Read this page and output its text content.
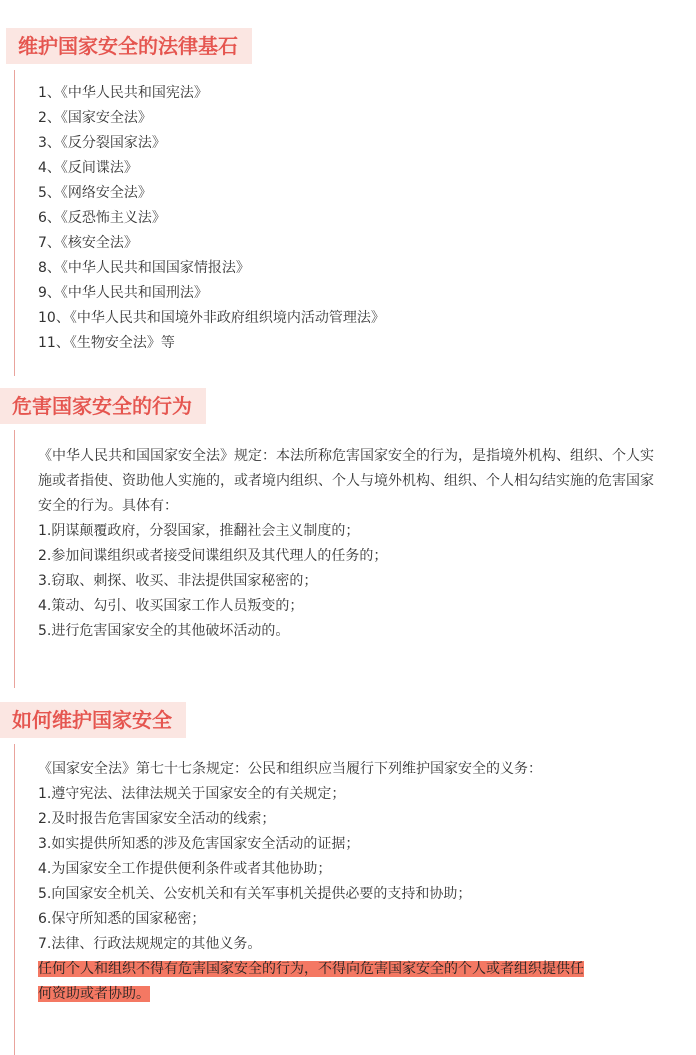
维护国家安全的法律基石
1、《中华人民共和国宪法》
2、《国家安全法》
3、《反分裂国家法》
4、《反间谍法》
5、《网络安全法》
6、《反恐怖主义法》
7、《核安全法》
8、《中华人民共和国国家情报法》
9、《中华人民共和国刑法》
10、《中华人民共和国境外非政府组织境内活动管理法》
11、《生物安全法》等
危害国家安全的行为
《中华人民共和国国家安全法》规定：本法所称危害国家安全的行为，是指境外机构、组织、个人实施或者指使、资助他人实施的，或者境内组织、个人与境外机构、组织、个人相勾结实施的危害国家安全的行为。具体有：
1.阴谋颠覆政府，分裂国家，推翻社会主义制度的；
2.参加间谍组织或者接受间谍组织及其代理人的任务的；
3.窃取、刺探、收买、非法提供国家秘密的；
4.策动、勾引、收买国家工作人员叛变的；
5.进行危害国家安全的其他破坏活动的。
如何维护国家安全
《国家安全法》第七十七条规定：公民和组织应当履行下列维护国家安全的义务：
1.遵守宪法、法律法规关于国家安全的有关规定；
2.及时报告危害国家安全活动的线索；
3.如实提供所知悉的涉及危害国家安全活动的证据；
4.为国家安全工作提供便利条件或者其他协助；
5.向国家安全机关、公安机关和有关军事机关提供必要的支持和协助；
6.保守所知悉的国家秘密；
7.法律、行政法规规定的其他义务。
任何个人和组织不得有危害国家安全的行为，不得向危害国家安全的个人或者组织提供任
何资助或者协助。
